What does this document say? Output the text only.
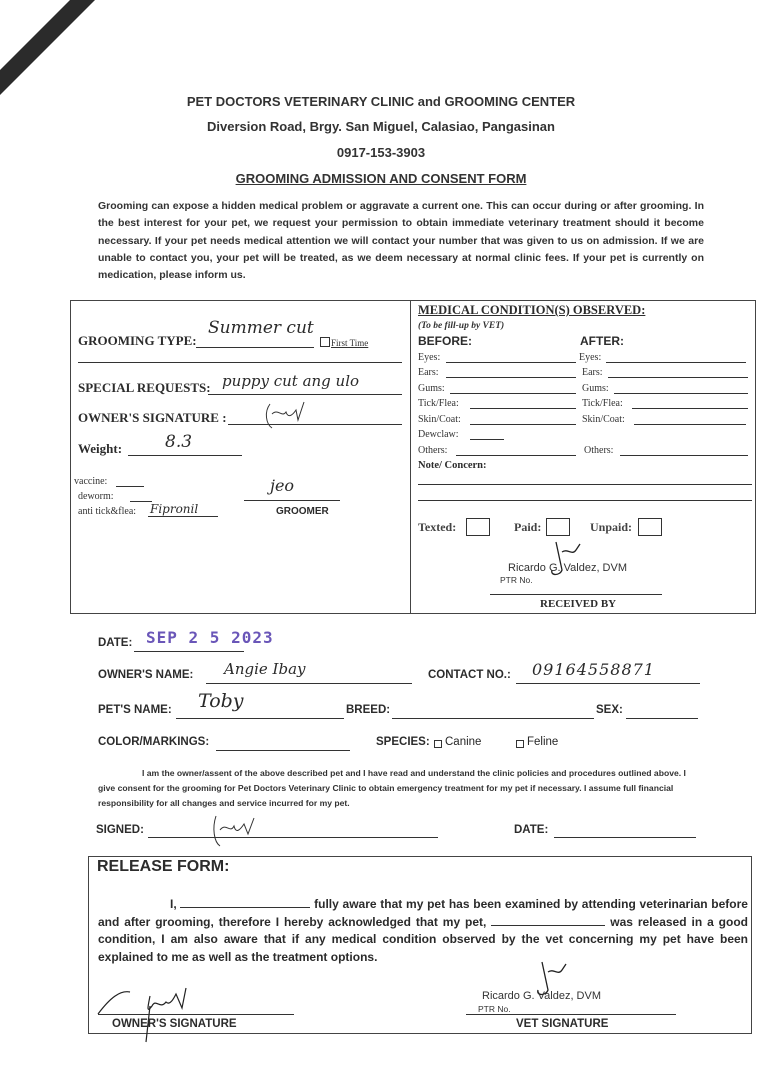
PET DOCTORS VETERINARY CLINIC and GROOMING CENTER
Diversion Road, Brgy. San Miguel, Calasiao, Pangasinan
0917-153-3903
GROOMING ADMISSION AND CONSENT FORM
Grooming can expose a hidden medical problem or aggravate a current one. This can occur during or after grooming. In the best interest for your pet, we request your permission to obtain immediate veterinary treatment should it become necessary. If your pet needs medical attention we will contact your number that was given to us on admission. If we are unable to contact you, your pet will be treated, as we deem necessary at normal clinic fees. If your pet is currently on medication, please inform us.
GROOMING TYPE:
Summer cut
First Time
SPECIAL REQUESTS: puppy cut ang ulo
OWNER'S SIGNATURE :
Weight:	8.3
vaccine:
deworm:
anti tick&flea: Fipronil
jeo
GROOMER
MEDICAL CONDITION(S) OBSERVED:
(To be fill-up by VET)
BEFORE:	AFTER:
Eyes:
Ears:
Gums:
Tick/Flea:
Skin/Coat:
Dewclaw:
Others:
Eyes:
Ears:
Gums:
Tick/Flea:
Skin/Coat:
Others:
Note/ Concern:
Texted:	Paid:	Unpaid:
Ricardo G. Valdez, DVM
PTR No.
RECEIVED BY
DATE: SEP 2 5 2023
OWNER'S NAME: Angie Ibay	CONTACT NO.: 09164558871
PET'S NAME: Toby	BREED:	SEX:
COLOR/MARKINGS:	SPECIES: Canine	Feline
I am the owner/assent of the above described pet and I have read and understand the clinic policies and procedures outlined above. I give consent for the grooming for Pet Doctors Veterinary Clinic to obtain emergency treatment for my pet if necessary. I assume full financial responsibility for all changes and service incurred for my pet.
SIGNED:	DATE:
RELEASE FORM:
I,	fully aware that my pet has been examined by attending veterinarian before and after grooming, therefore I hereby acknowledged that my pet,	was released in a good condition, I am also aware that if any medical condition observed by the vet concerning my pet have been explained to me as well as the treatment options.
OWNER'S SIGNATURE
Ricardo G. Valdez, DVM
PTR No.
VET SIGNATURE
